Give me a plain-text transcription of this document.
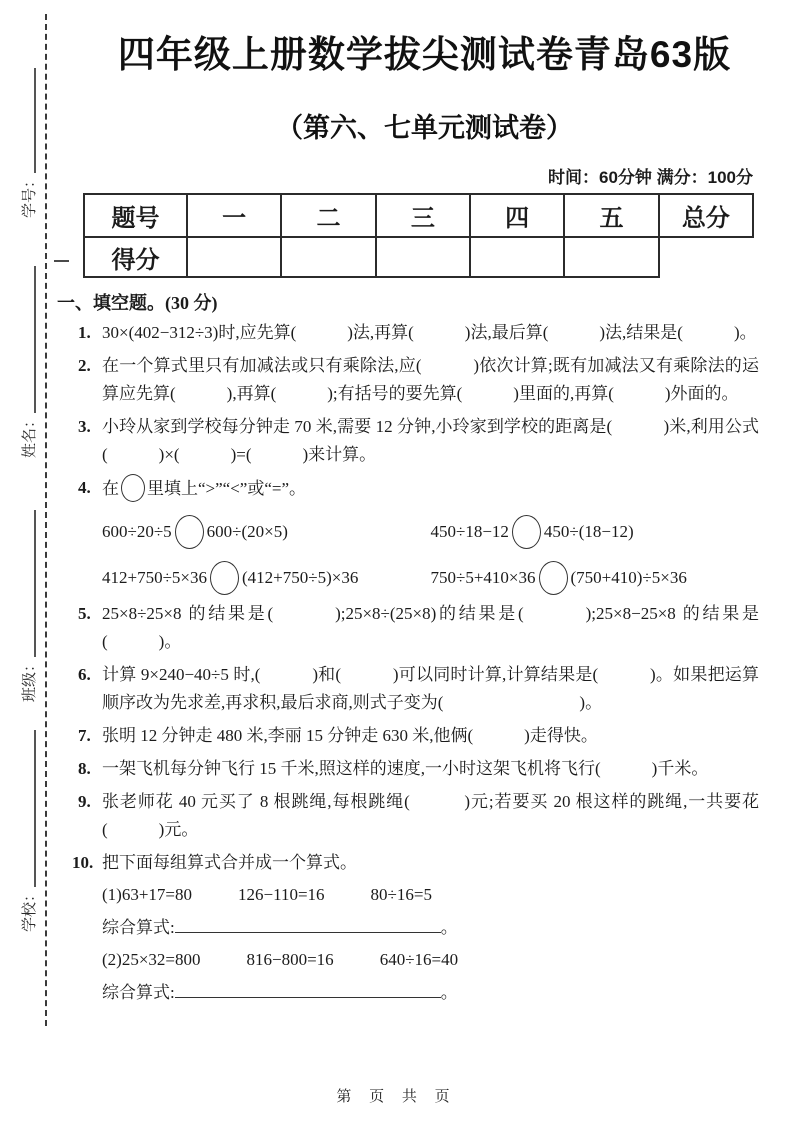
学号：
姓名：
班级：
学校：
四年级上册数学拔尖测试卷青岛63版
（第六、七单元测试卷）
时间：60分钟 满分：100分
题号	一	二	三	四	五	总分
得分						
一、填空题。(30 分)
1. 30×(402−312÷3)时,应先算(　　　)法,再算(　　　)法,最后算(　　　)法,结果是(　　　)。
2. 在一个算式里只有加减法或只有乘除法,应(　　　)依次计算;既有加减法又有乘除法的运算应先算(　　　),再算(　　　);有括号的要先算(　　　)里面的,再算(　　　)外面的。
3. 小玲从家到学校每分钟走 70 米,需要 12 分钟,小玲家到学校的距离是(　　　)米,利用公式(　　　)×(　　　)=(　　　)来计算。
4. 在 里填上“>”“<”或“=”。
600÷20÷5 600÷(20×5)	450÷18−12 450÷(18−12)
412+750÷5×36 (412+750÷5)×36	750÷5+410×36 (750+410)÷5×36
5. 25×8÷25×8 的结果是(　　　);25×8÷(25×8)的结果是(　　　);25×8−25×8 的结果是(　　　)。
6. 计算 9×240−40÷5 时,(　　　)和(　　　)可以同时计算,计算结果是(　　　)。如果把运算顺序改为先求差,再求积,最后求商,则式子变为(　　　　　　　　)。
7. 张明 12 分钟走 480 米,李丽 15 分钟走 630 米,他俩(　　　)走得快。
8. 一架飞机每分钟飞行 15 千米,照这样的速度,一小时这架飞机将飞行(　　　)千米。
9. 张老师花 40 元买了 8 根跳绳,每根跳绳(　　　)元;若要买 20 根这样的跳绳,一共要花(　　　)元。
10. 把下面每组算式合并成一个算式。
(1)63+17=80	126−110=16	80÷16=5
综合算式:	。
(2)25×32=800	816−800=16	640÷16=40
综合算式:	。
第 页 共 页
